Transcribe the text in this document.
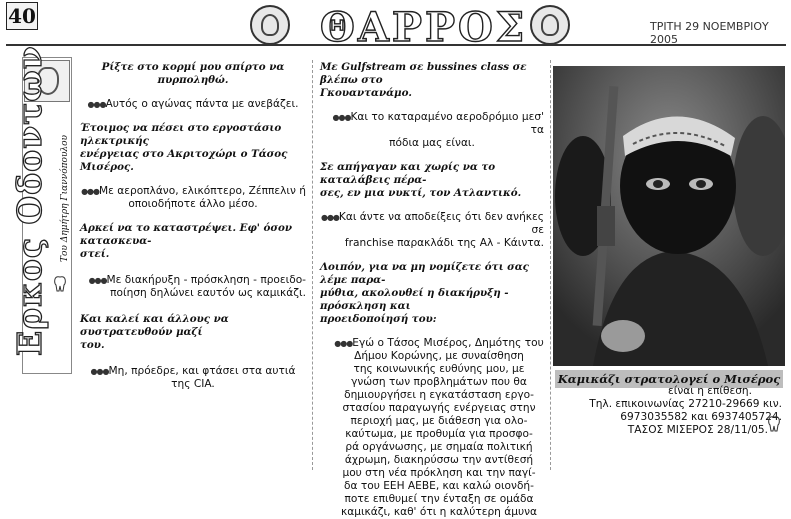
40	ΘΑΡΡΟΣ	ΤΡΙΤΗ 29 ΝΟΕΜΒΡΙΟΥ 2005
Ερκος Οδοντων Του Δημήτρη Γιαννόπουλου
Ρίξτε στο κορμί μου σπίρτο να πυρποληθώ.
●●●Αυτός ο αγώνας πάντα με ανεβάζει.
Έτοιμος να πέσει στο εργοστάσιο ηλεκτρικής
ενέργειας στο Ακριτοχώρι ο Τάσος Μισέρος.
●●●Με αεροπλάνο, ελικόπτερο, Ζέππελιν ή
οποιοδήποτε άλλο μέσο.
Αρκεί να το καταστρέψει. Εφ' όσον κατασκευα-
στεί.
●●●Με διακήρυξη - πρόσκληση - προειδο-
ποίηση δηλώνει εαυτόν ως καμικάζι.
Και καλεί και άλλους να συστρατευθούν μαζί
του.
●●●Μη, πρόεδρε, και φτάσει στα αυτιά της CIA.
Με Gulfstream σε bussines class σε βλέπω στο
Γκουαντανάμο.
●●●Και το καταραμένο αεροδρόμιο μεσ' τα
πόδια μας είναι.
Σε απήγαγαν και χωρίς να το καταλάβεις πέρα-
σες, εν μια νυκτί, τον Ατλαντικό.
●●●Και άντε να αποδείξεις ότι δεν ανήκες σε
franchise παρακλάδι της Αλ - Κάιντα.
Λοιπόν, για να μη νομίζετε ότι σας λέμε παρα-
μύθια, ακολουθεί η διακήρυξη - πρόσκληση και
προειδοποίησή του:
●●●Εγώ ο Τάσος Μισέρος, Δημότης του
Δήμου Κορώνης, με συναίσθηση
της κοινωνικής ευθύνης μου, με
γνώση των προβλημάτων που θα
δημιουργήσει η εγκατάσταση εργο-
στασίου παραγωγής ενέργειας στην
περιοχή μας, με διάθεση για ολο-
καύτωμα, με προθυμία για προσφο-
ρά οργάνωσης, με σημαία πολιτική
άχρωμη, διακηρύσσω την αντίθεσή
μου στη νέα πρόκληση και την παγί-
δα του ΕΕΗ ΑΕΒΕ, και καλώ οιονδή-
ποτε επιθυμεί την ένταξη σε ομάδα
καμικάζι, καθ' ότι η καλύτερη άμυνα
Καμικάζι στρατολογεί ο Μισέρος
είναι η επίθεση.
Τηλ. επικοινωνίας 27210-29669 κιν.
6973035582 και 6937405724.
ΤΑΣΟΣ ΜΙΣΕΡΟΣ 28/11/05.
